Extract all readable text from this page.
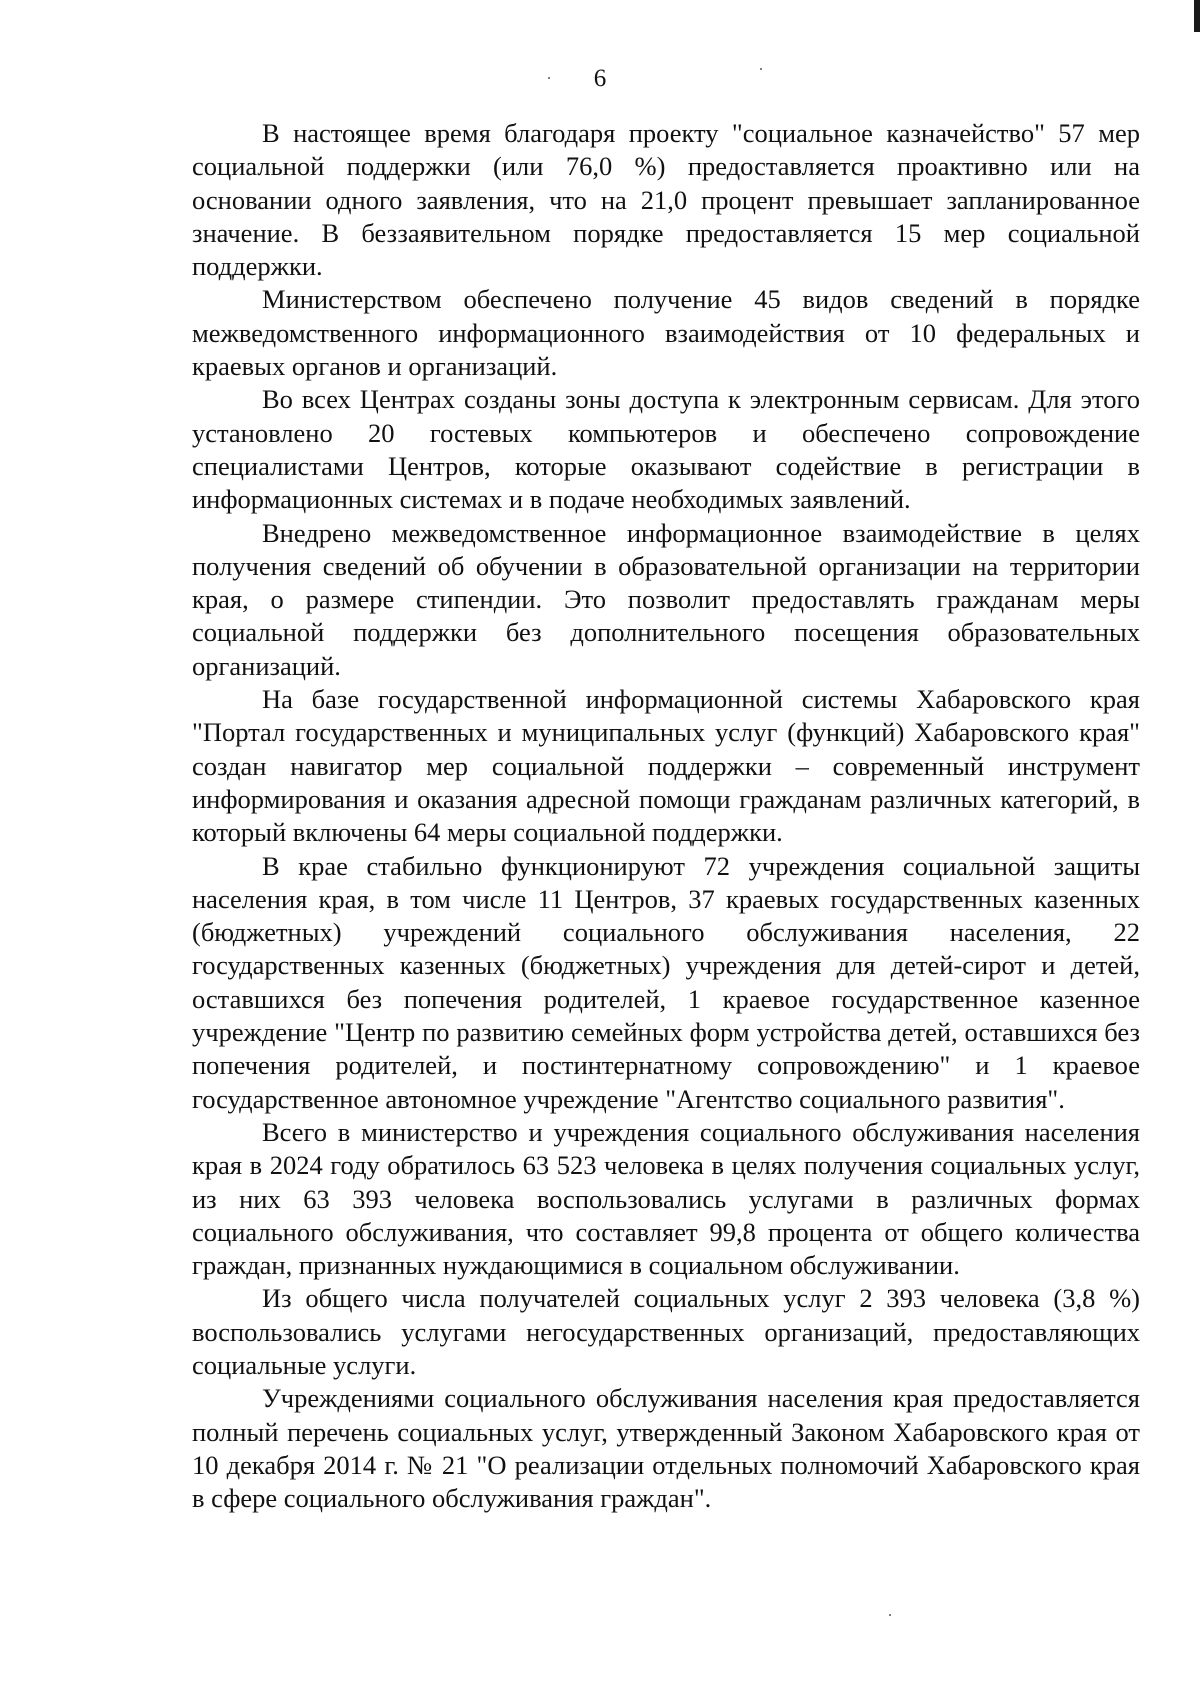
6

В настоящее время благодаря проекту "социальное казначейство" 57 мер социальной поддержки (или 76,0 %) предоставляется проактивно или на основании одного заявления, что на 21,0 процент превышает запланированное значение. В беззаявительном порядке предоставляется 15 мер социальной поддержки.

Министерством обеспечено получение 45 видов сведений в порядке межведомственного информационного взаимодействия от 10 федеральных и краевых органов и организаций.

Во всех Центрах созданы зоны доступа к электронным сервисам. Для этого установлено 20 гостевых компьютеров и обеспечено сопровождение специалистами Центров, которые оказывают содействие в регистрации в информационных системах и в подаче необходимых заявлений.

Внедрено межведомственное информационное взаимодействие в целях получения сведений об обучении в образовательной организации на территории края, о размере стипендии. Это позволит предоставлять гражданам меры социальной поддержки без дополнительного посещения образовательных организаций.

На базе государственной информационной системы Хабаровского края "Портал государственных и муниципальных услуг (функций) Хабаровского края" создан навигатор мер социальной поддержки – современный инструмент информирования и оказания адресной помощи гражданам различных категорий, в который включены 64 меры социальной поддержки.

В крае стабильно функционируют 72 учреждения социальной защиты населения края, в том числе 11 Центров, 37 краевых государственных казенных (бюджетных) учреждений социального обслуживания населения, 22 государственных казенных (бюджетных) учреждения для детей-сирот и детей, оставшихся без попечения родителей, 1 краевое государственное казенное учреждение "Центр по развитию семейных форм устройства детей, оставшихся без попечения родителей, и постинтернатному сопровождению" и 1 краевое государственное автономное учреждение "Агентство социального развития".

Всего в министерство и учреждения социального обслуживания населения края в 2024 году обратилось 63 523 человека в целях получения социальных услуг, из них 63 393 человека воспользовались услугами в различных формах социального обслуживания, что составляет 99,8 процента от общего количества граждан, признанных нуждающимися в социальном обслуживании.

Из общего числа получателей социальных услуг 2 393 человека (3,8 %) воспользовались услугами негосударственных организаций, предоставляющих социальные услуги.

Учреждениями социального обслуживания населения края предоставляется полный перечень социальных услуг, утвержденный Законом Хабаровского края от 10 декабря 2014 г. № 21 "О реализации отдельных полномочий Хабаровского края в сфере социального обслуживания граждан".
